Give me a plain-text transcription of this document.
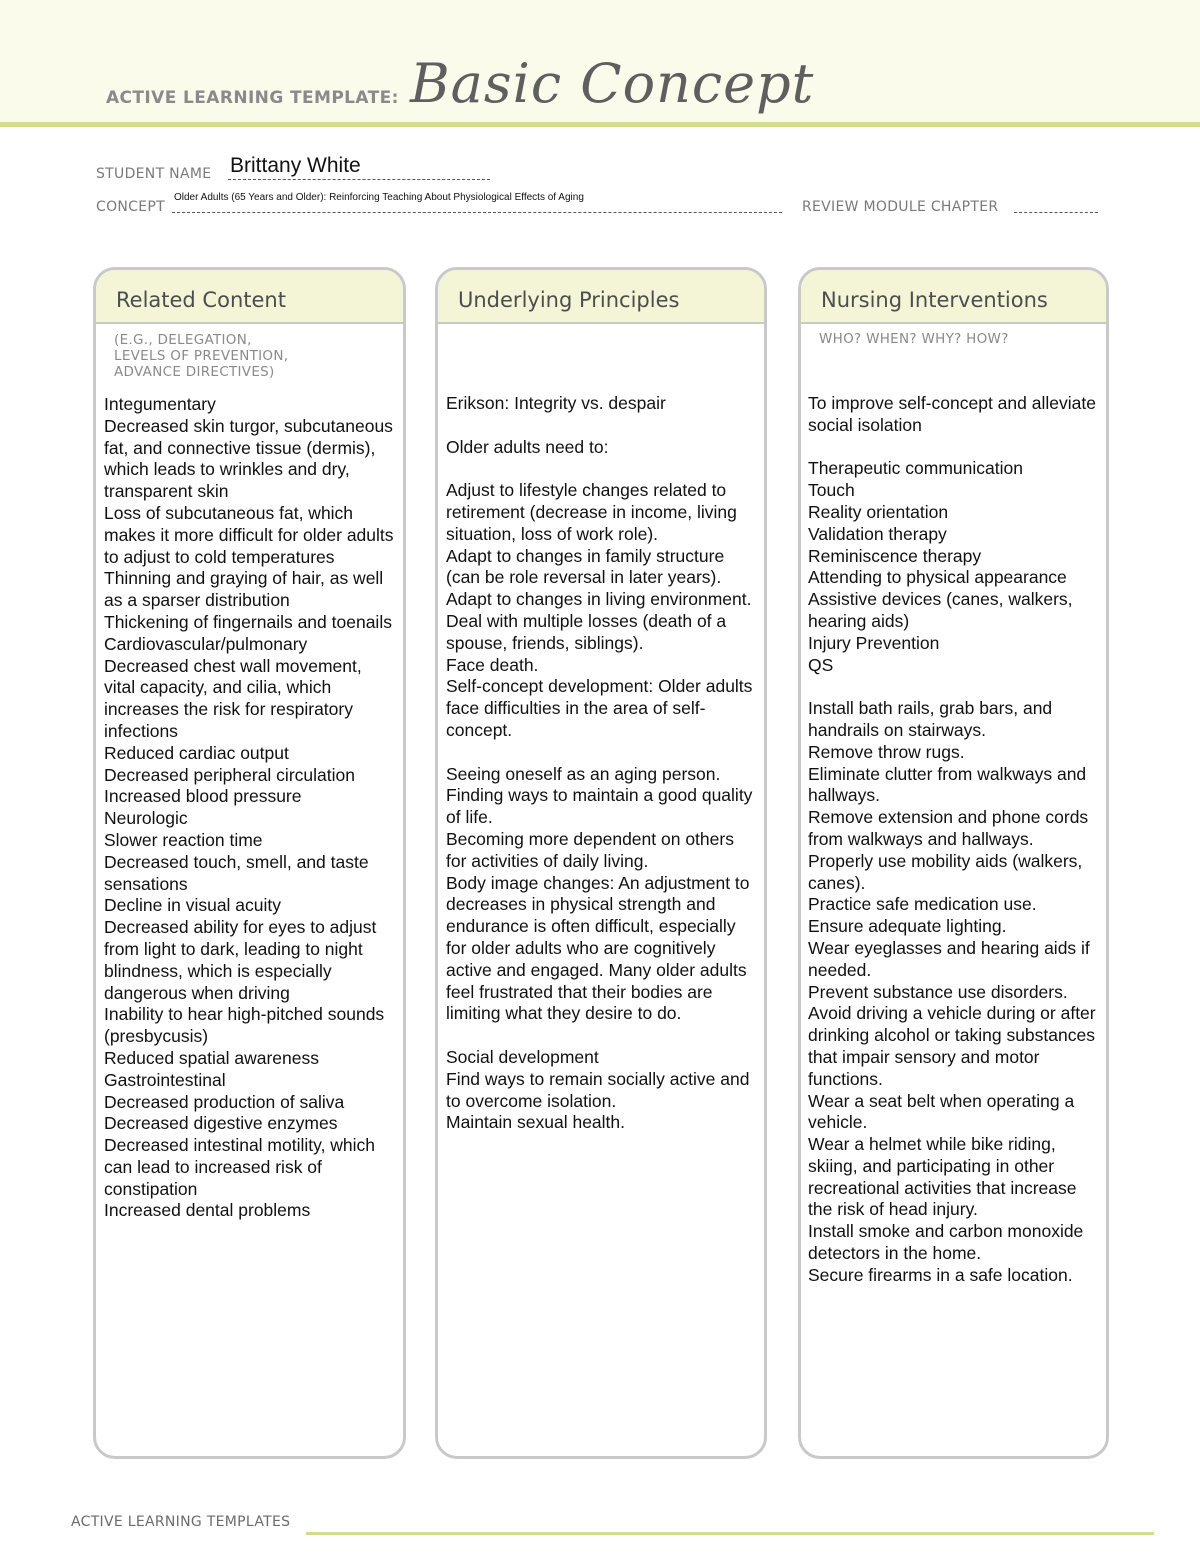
ACTIVE LEARNING TEMPLATE: Basic Concept
STUDENT NAME Brittany White
CONCEPT
Older Adults (65 Years and Older): Reinforcing Teaching About Physiological Effects of Aging
REVIEW MODULE CHAPTER
Related Content
(E.G., DELEGATION,
LEVELS OF PREVENTION,
ADVANCE DIRECTIVES)
Integumentary
Decreased skin turgor, subcutaneous fat, and connective tissue (dermis), which leads to wrinkles and dry, transparent skin
Loss of subcutaneous fat, which makes it more difficult for older adults to adjust to cold temperatures
Thinning and graying of hair, as well as a sparser distribution
Thickening of fingernails and toenails
Cardiovascular/pulmonary
Decreased chest wall movement, vital capacity, and cilia, which increases the risk for respiratory infections
Reduced cardiac output
Decreased peripheral circulation
Increased blood pressure
Neurologic
Slower reaction time
Decreased touch, smell, and taste sensations
Decline in visual acuity
Decreased ability for eyes to adjust from light to dark, leading to night blindness, which is especially dangerous when driving
Inability to hear high-pitched sounds (presbycusis)
Reduced spatial awareness
Gastrointestinal
Decreased production of saliva
Decreased digestive enzymes
Decreased intestinal motility, which can lead to increased risk of constipation
Increased dental problems
Underlying Principles
Erikson: Integrity vs. despair

Older adults need to:

Adjust to lifestyle changes related to retirement (decrease in income, living situation, loss of work role).
Adapt to changes in family structure (can be role reversal in later years).
Adapt to changes in living environment.
Deal with multiple losses (death of a spouse, friends, siblings).
Face death.
Self-concept development: Older adults face difficulties in the area of self-concept.

Seeing oneself as an aging person.
Finding ways to maintain a good quality of life.
Becoming more dependent on others for activities of daily living.
Body image changes: An adjustment to decreases in physical strength and endurance is often difficult, especially for older adults who are cognitively active and engaged. Many older adults feel frustrated that their bodies are limiting what they desire to do.

Social development
Find ways to remain socially active and to overcome isolation.
Maintain sexual health.
Nursing Interventions
WHO? WHEN? WHY? HOW?
To improve self-concept and alleviate social isolation

Therapeutic communication
Touch
Reality orientation
Validation therapy
Reminiscence therapy
Attending to physical appearance
Assistive devices (canes, walkers, hearing aids)
Injury Prevention
QS

Install bath rails, grab bars, and handrails on stairways.
Remove throw rugs.
Eliminate clutter from walkways and hallways.
Remove extension and phone cords from walkways and hallways.
Properly use mobility aids (walkers, canes).
Practice safe medication use.
Ensure adequate lighting.
Wear eyeglasses and hearing aids if needed.
Prevent substance use disorders.
Avoid driving a vehicle during or after drinking alcohol or taking substances that impair sensory and motor functions.
Wear a seat belt when operating a vehicle.
Wear a helmet while bike riding, skiing, and participating in other recreational activities that increase the risk of head injury.
Install smoke and carbon monoxide detectors in the home.
Secure firearms in a safe location.
ACTIVE LEARNING TEMPLATES
